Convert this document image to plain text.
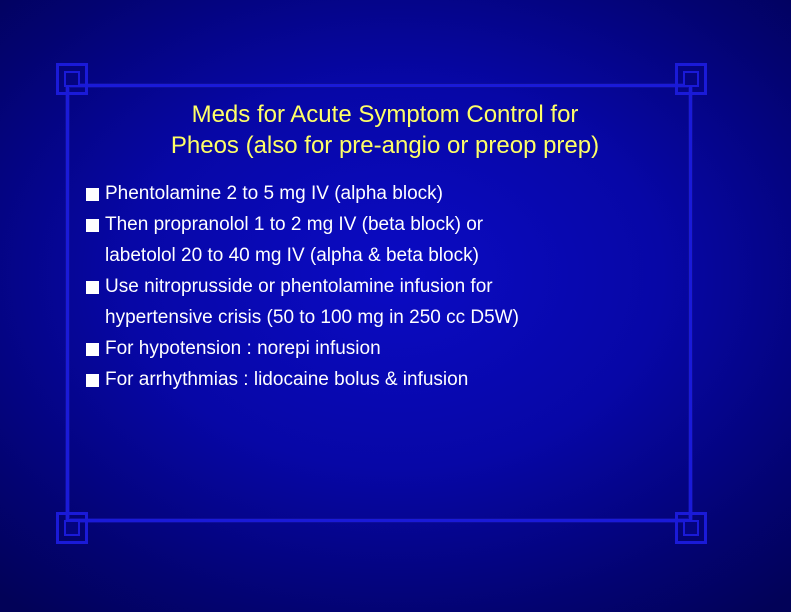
Meds for Acute Symptom Control for
Pheos (also for pre-angio or preop prep)
Phentolamine 2 to 5 mg IV (alpha block)
Then propranolol 1 to 2 mg IV (beta block) or
labetolol 20 to 40 mg IV (alpha & beta block)
Use nitroprusside or phentolamine infusion for
hypertensive crisis (50 to 100 mg in 250 cc D5W)
For hypotension : norepi infusion
For arrhythmias : lidocaine bolus & infusion
